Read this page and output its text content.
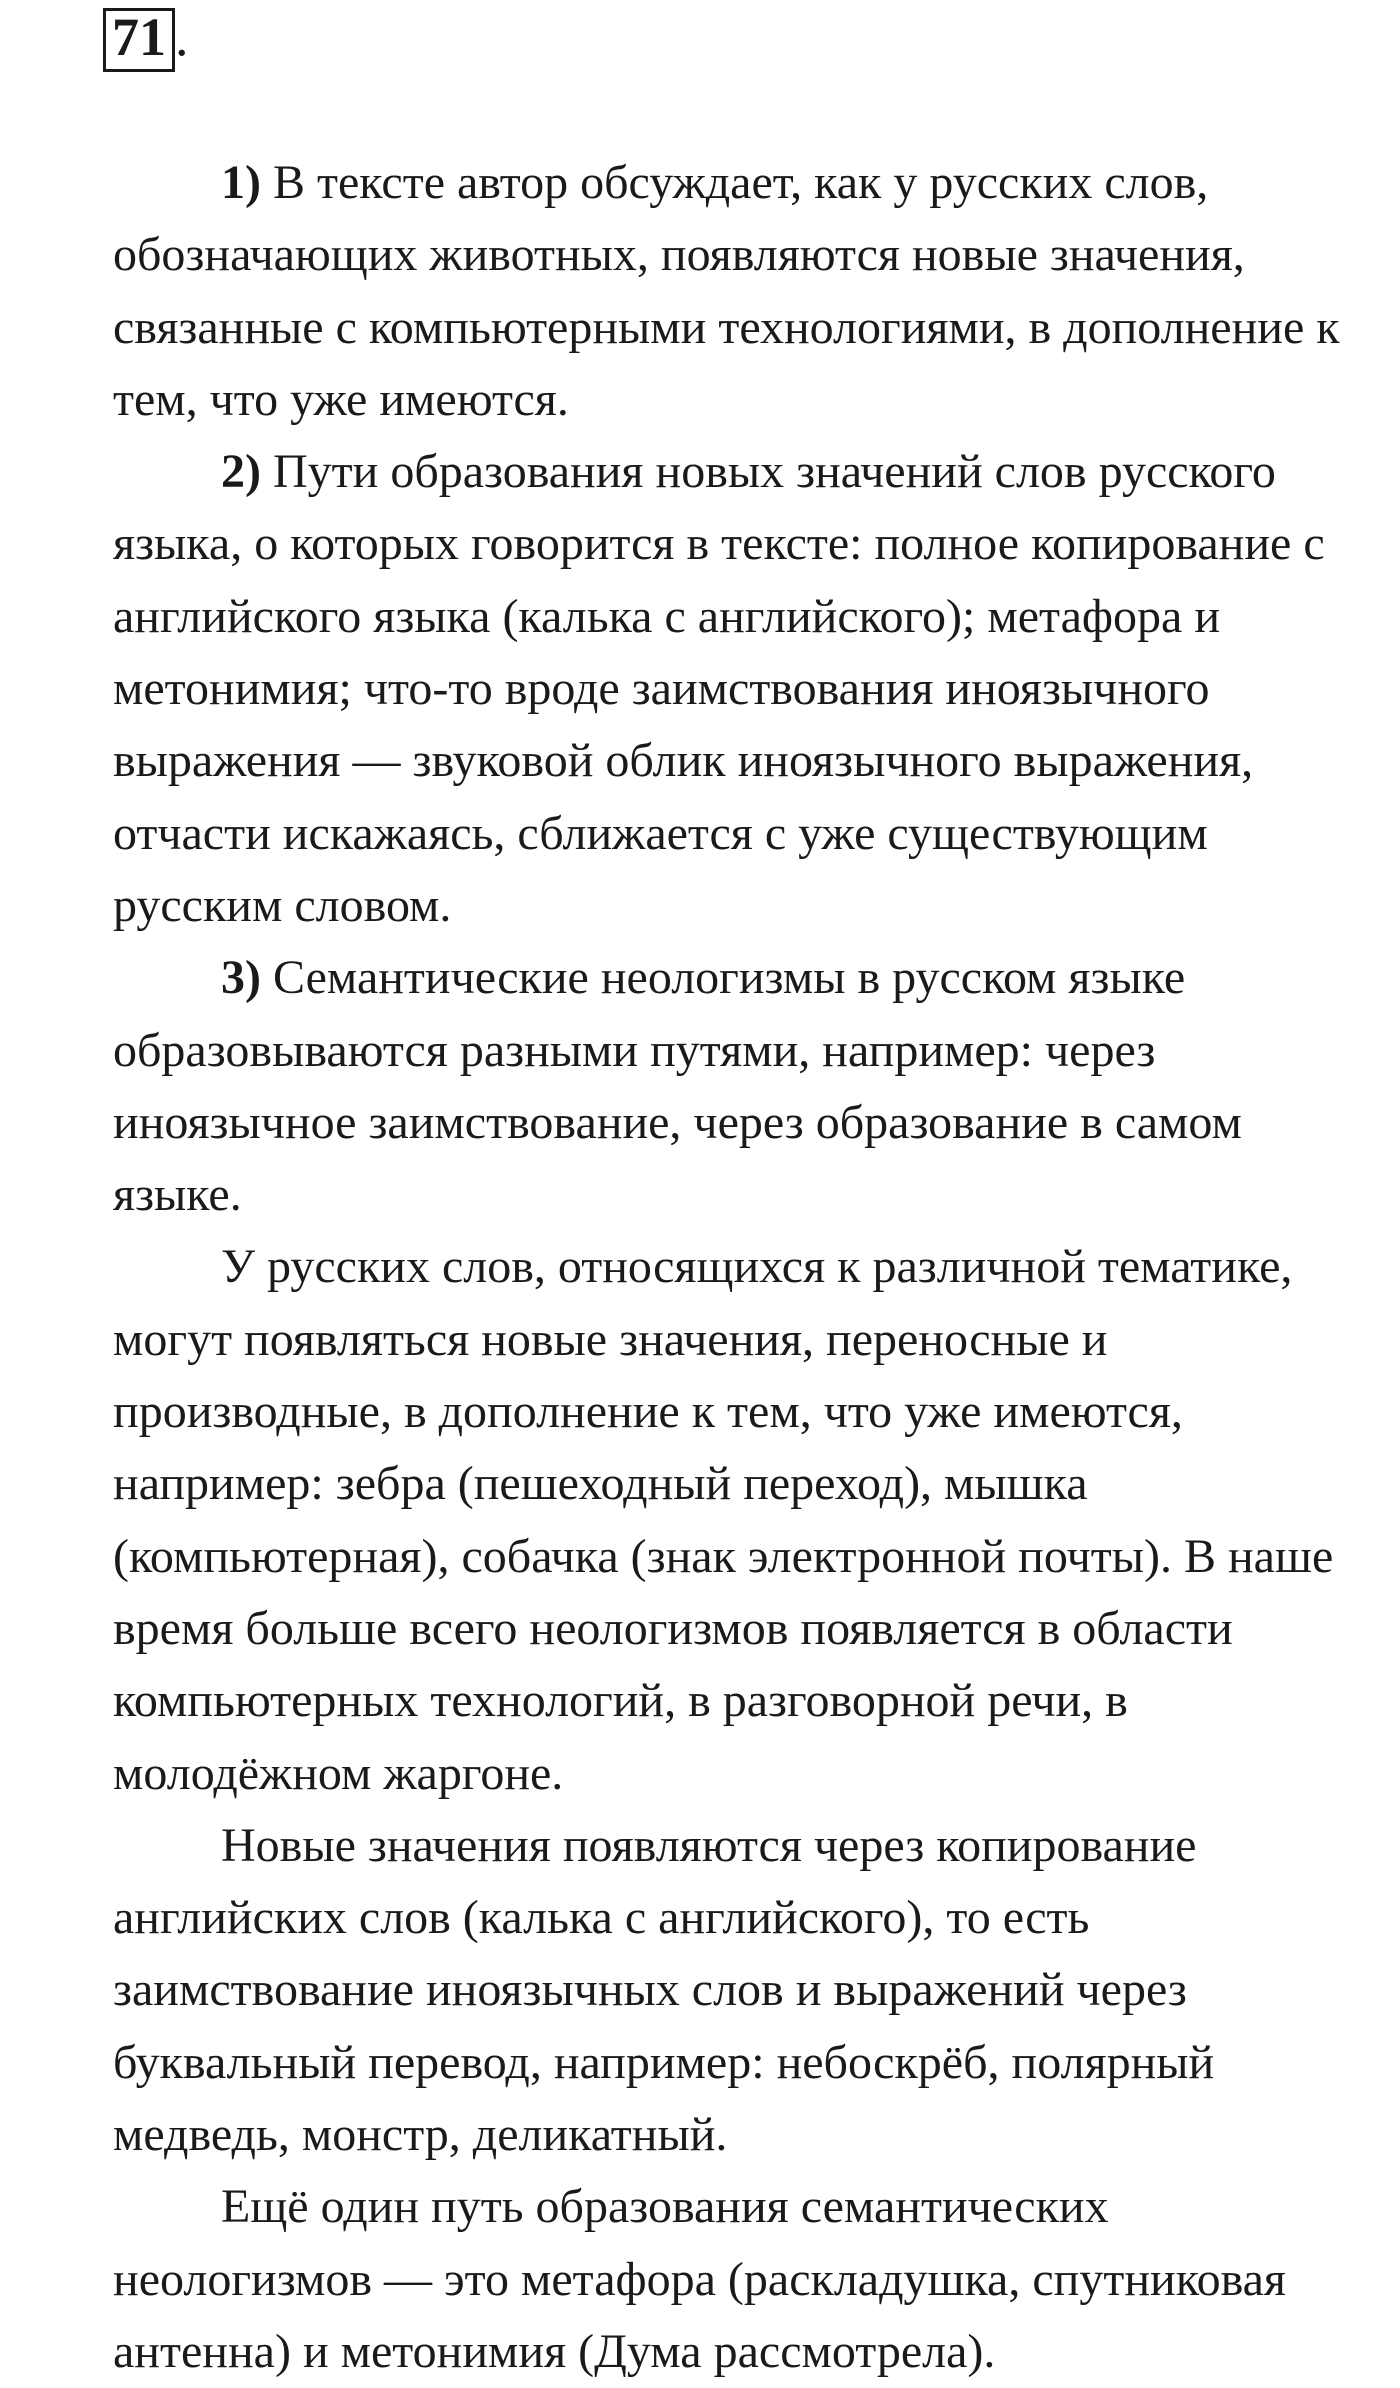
71 .
1) В тексте автор обсуждает, как у русских слов,
обозначающих животных, появляются новые значения,
связанные с компьютерными технологиями, в дополнение к
тем, что уже имеются.
2) Пути образования новых значений слов русского
языка, о которых говорится в тексте: полное копирование с
английского языка (калька с английского); метафора и
метонимия; что-то вроде заимствования иноязычного
выражения — звуковой облик иноязычного выражения,
отчасти искажаясь, сближается с уже существующим
русским словом.
3) Семантические неологизмы в русском языке
образовываются разными путями, например: через
иноязычное заимствование, через образование в самом
языке.
У русских слов, относящихся к различной тематике,
могут появляться новые значения, переносные и
производные, в дополнение к тем, что уже имеются,
например: зебра (пешеходный переход), мышка
(компьютерная), собачка (знак электронной почты). В наше
время больше всего неологизмов появляется в области
компьютерных технологий, в разговорной речи, в
молодёжном жаргоне.
Новые значения появляются через копирование
английских слов (калька с английского), то есть
заимствование иноязычных слов и выражений через
буквальный перевод, например: небоскрёб, полярный
медведь, монстр, деликатный.
Ещё один путь образования семантических
неологизмов — это метафора (раскладушка, спутниковая
антенна) и метонимия (Дума рассмотрела).
